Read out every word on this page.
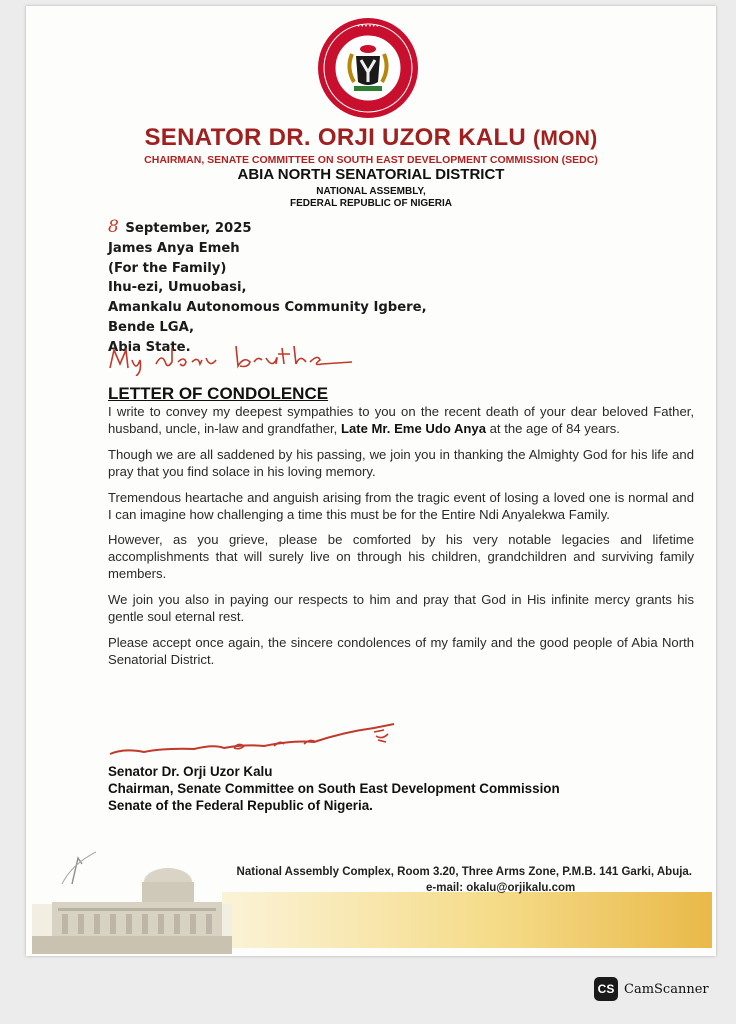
• • • • • •
SENATOR DR. ORJI UZOR KALU (MON)
CHAIRMAN, SENATE COMMITTEE ON SOUTH EAST DEVELOPMENT COMMISSION (SEDC)
ABIA NORTH SENATORIAL DISTRICT
NATIONAL ASSEMBLY,
FEDERAL REPUBLIC OF NIGERIA
8 September, 2025
James Anya Emeh
(For the Family)
Ihu-ezi, Umuobasi,
Amankalu Autonomous Community Igbere,
Bende LGA,
Abia State.
LETTER OF CONDOLENCE

I write to convey my deepest sympathies to you on the recent death of your dear beloved Father, husband, uncle, in-law and grandfather, Late Mr. Eme Udo Anya at the age of 84 years.

Though we are all saddened by his passing, we join you in thanking the Almighty God for his life and pray that you find solace in his loving memory.

Tremendous heartache and anguish arising from the tragic event of losing a loved one is normal and I can imagine how challenging a time this must be for the Entire Ndi Anyalekwa Family.

However, as you grieve, please be comforted by his very notable legacies and lifetime accomplishments that will surely live on through his children, grandchildren and surviving family members.

We join you also in paying our respects to him and pray that God in His infinite mercy grants his gentle soul eternal rest.

Please accept once again, the sincere condolences of my family and the good people of Abia North Senatorial District.

Senator Dr. Orji Uzor Kalu
Chairman, Senate Committee on South East Development Commission
Senate of the Federal Republic of Nigeria.
National Assembly Complex, Room 3.20, Three Arms Zone, P.M.B. 141 Garki, Abuja.
e-mail: okalu@orjikalu.com
CS CamScanner
